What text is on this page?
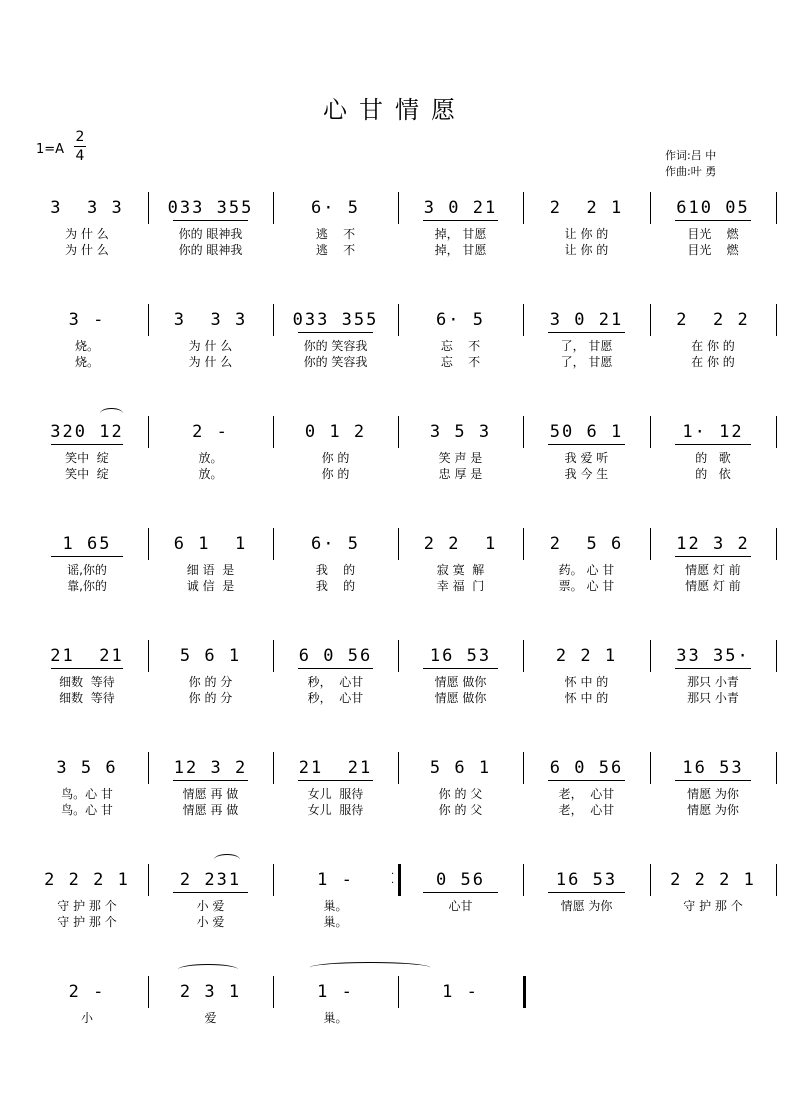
心甘情愿
1=A
2
4	作词:吕 中
作曲:叶 勇
3  3 3
为 什 么
为 什 么
033 355
你的 眼神我
你的 眼神我
6· 5
逃    不
逃    不
3 0 21
掉， 甘愿
掉， 甘愿
2  2 1
让 你 的
让 你 的
610 05
目光    燃
目光    燃
3 -
烧。
烧。
3  3 3
为 什 么
为 什 么
033 355
你的 笑容我
你的 笑容我
6· 5
忘    不
忘    不
3 0 21
了， 甘愿
了， 甘愿
2  2 2
在 你 的
在 你 的
320 12
笑中  绽
笑中  绽
2 -
放。
放。
0 1 2
你 的
你 的
3 5 3
笑 声 是
忠 厚 是
50 6 1
我 爱 听
我 今 生
1· 12
的   歌
的   依
1 65
谣,你的
靠,你的
6 1  1
细 语  是
诚 信  是
6· 5
我    的
我    的
2 2  1
寂 寞  解
幸 福  门
2  5 6
药。 心 甘
票。 心 甘
12 3 2
情愿 灯 前
情愿 灯 前
21  21
细数  等待
细数  等待
5 6 1
你 的 分
你 的 分
6 0 56
秒，  心甘
秒，  心甘
16 53
情愿 做你
情愿 做你
2 2 1
怀 中 的
怀 中 的
33 35·
那只 小青
那只 小青
3 5 6
鸟。心 甘
鸟。心 甘
12 3 2
情愿 再 做
情愿 再 做
21  21
女儿  服待
女儿  服待
5 6 1
你 的 父
你 的 父
6 0 56
老，  心甘
老，  心甘
16 53
情愿 为你
情愿 为你
·
·
2 2 2 1
守 护 那 个
守 护 那 个
2 231
小 爱
小 爱
1 -
巢。
巢。
0 56
心甘
16 53
情愿 为你
2 2 2 1
守 护 那 个
2 -
小
2 3 1
爱
1 -
巢。
1 -
